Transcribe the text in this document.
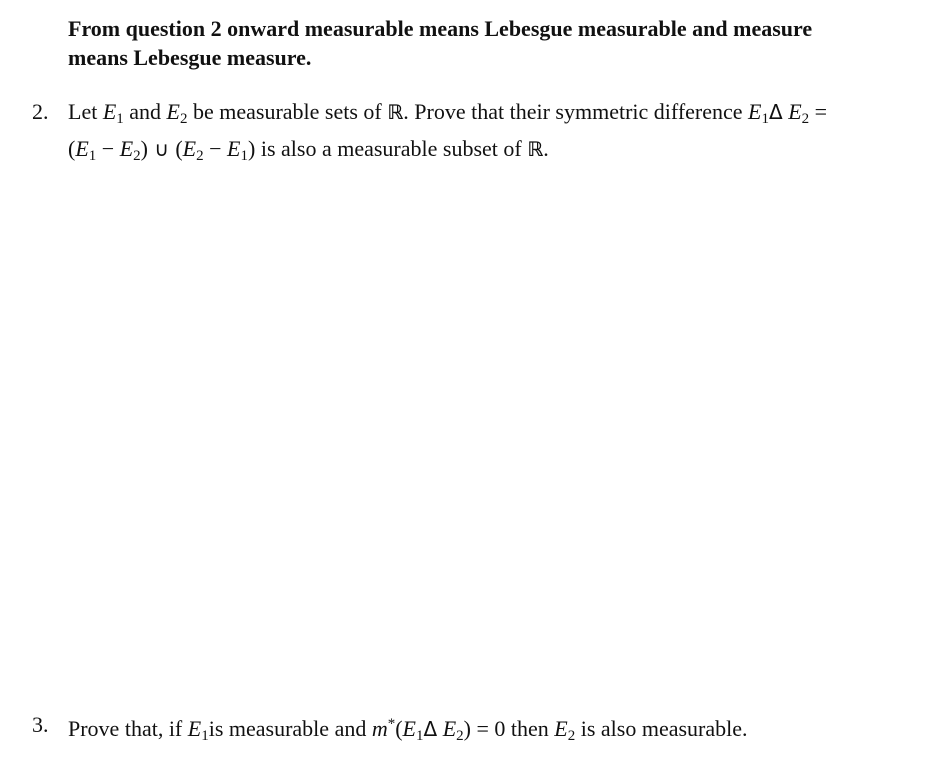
From question 2 onward measurable means Lebesgue measurable and measure
means Lebesgue measure.
2. Let $E_1$ and $E_2$ be measurable sets of ℝ. Prove that their symmetric difference $E_1\Delta$ $E_2$ =
$(E_1 - E_2)$ ∪ $(E_2 - E_1)$ is also a measurable subset of ℝ.
3. Prove that, if $E_1is$ measurable and $m^*(E_1\Delta$ $E_2) = 0$ then $E_2$ is also measurable.
